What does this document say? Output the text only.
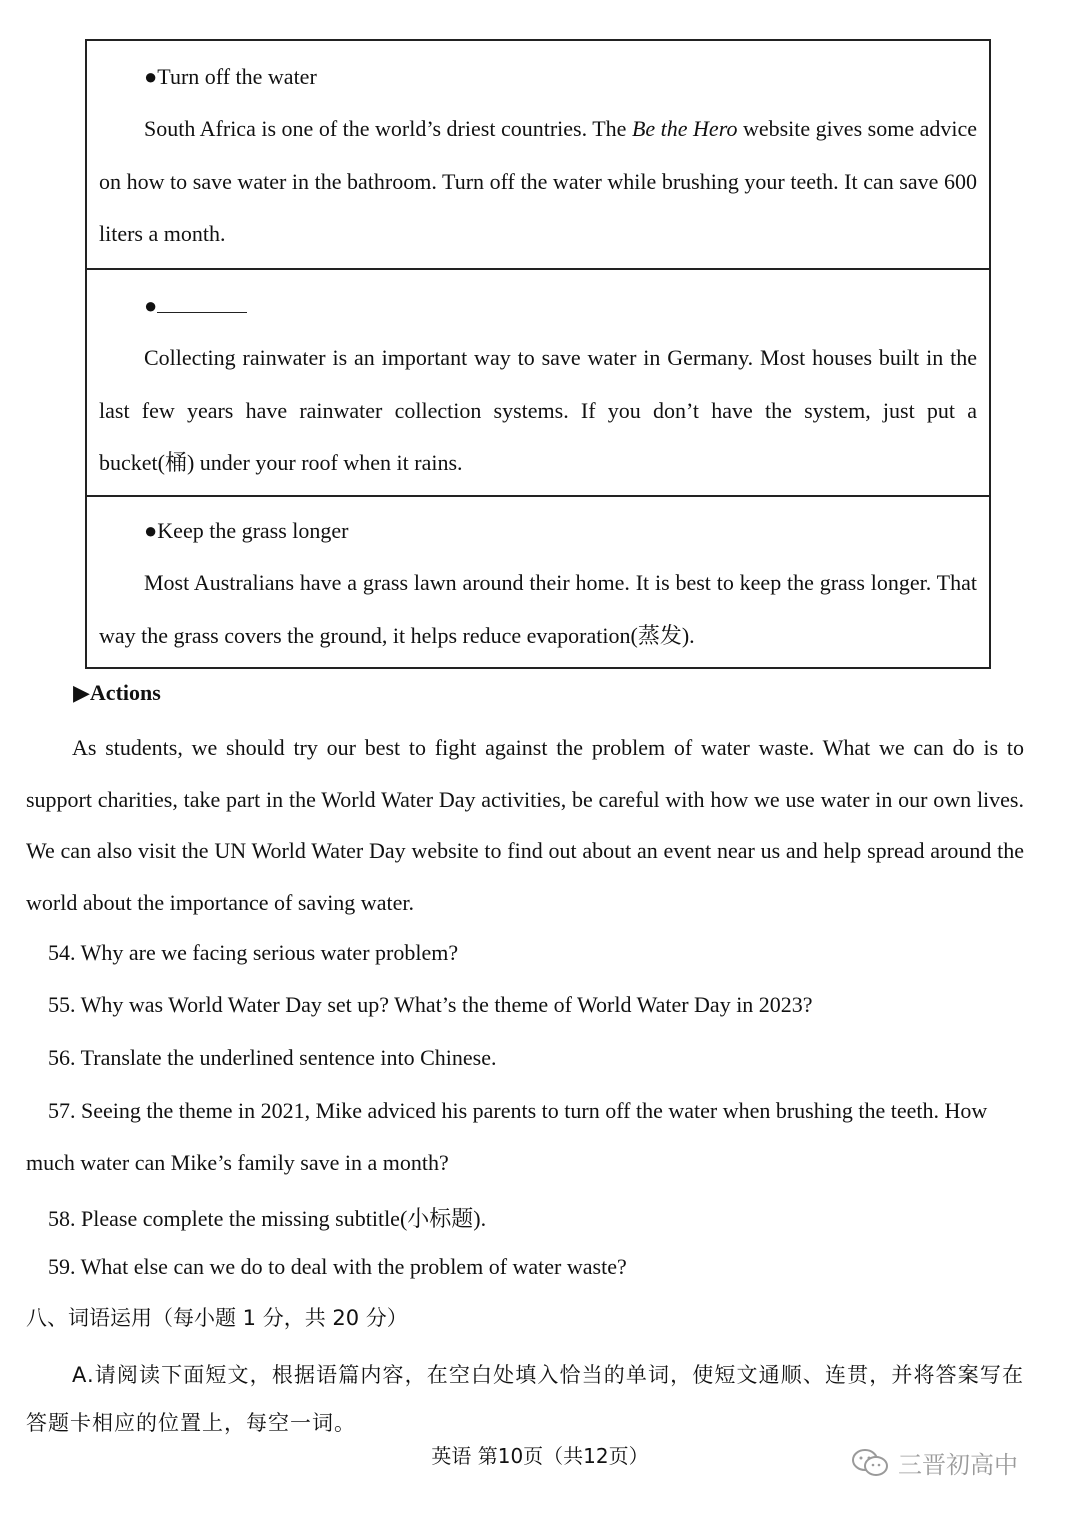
●Turn off the water
South Africa is one of the world’s driest countries. The Be the Hero website gives some advice on how to save water in the bathroom. Turn off the water while brushing your teeth. It can save 600 liters a month.
●
Collecting rainwater is an important way to save water in Germany. Most houses built in the last few years have rainwater collection systems. If you don’t have the system, just put a bucket(桶) under your roof when it rains.
●Keep the grass longer
Most Australians have a grass lawn around their home. It is best to keep the grass longer. That way the grass covers the ground, it helps reduce evaporation(蒸发).
▶Actions
As students, we should try our best to fight against the problem of water waste. What we can do is to support charities, take part in the World Water Day activities, be careful with how we use water in our own lives. We can also visit the UN World Water Day website to find out about an event near us and help spread around the world about the importance of saving water.
54. Why are we facing serious water problem?
55. Why was World Water Day set up? What’s the theme of World Water Day in 2023?
56. Translate the underlined sentence into Chinese.
57. Seeing the theme in 2021, Mike adviced his parents to turn off the water when brushing the teeth. How much water can Mike’s family save in a month?
58. Please complete the missing subtitle(小标题).
59. What else can we do to deal with the problem of water waste?
八、词语运用（每小题 1 分，共 20 分）
A.请阅读下面短文，根据语篇内容，在空白处填入恰当的单词，使短文通顺、连贯，并将答案写在答题卡相应的位置上，每空一词。
英语 第10页（共12页）	三晋初高中
